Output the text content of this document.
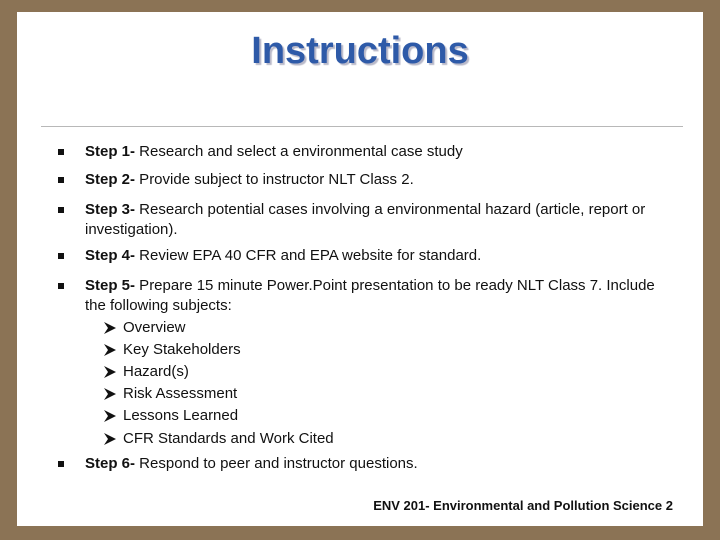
Instructions
Step 1- Research and select a environmental case study
Step 2- Provide subject to instructor NLT Class 2.
Step 3- Research potential cases involving a environmental hazard (article, report or investigation).
Step 4- Review EPA 40 CFR and EPA website for standard.
Step 5- Prepare 15 minute Power.Point presentation to be ready NLT Class 7. Include the following subjects:
Overview
Key Stakeholders
Hazard(s)
Risk Assessment
Lessons Learned
CFR Standards and Work Cited
Step 6- Respond to peer and instructor questions.
ENV 201- Environmental and Pollution Science 2
